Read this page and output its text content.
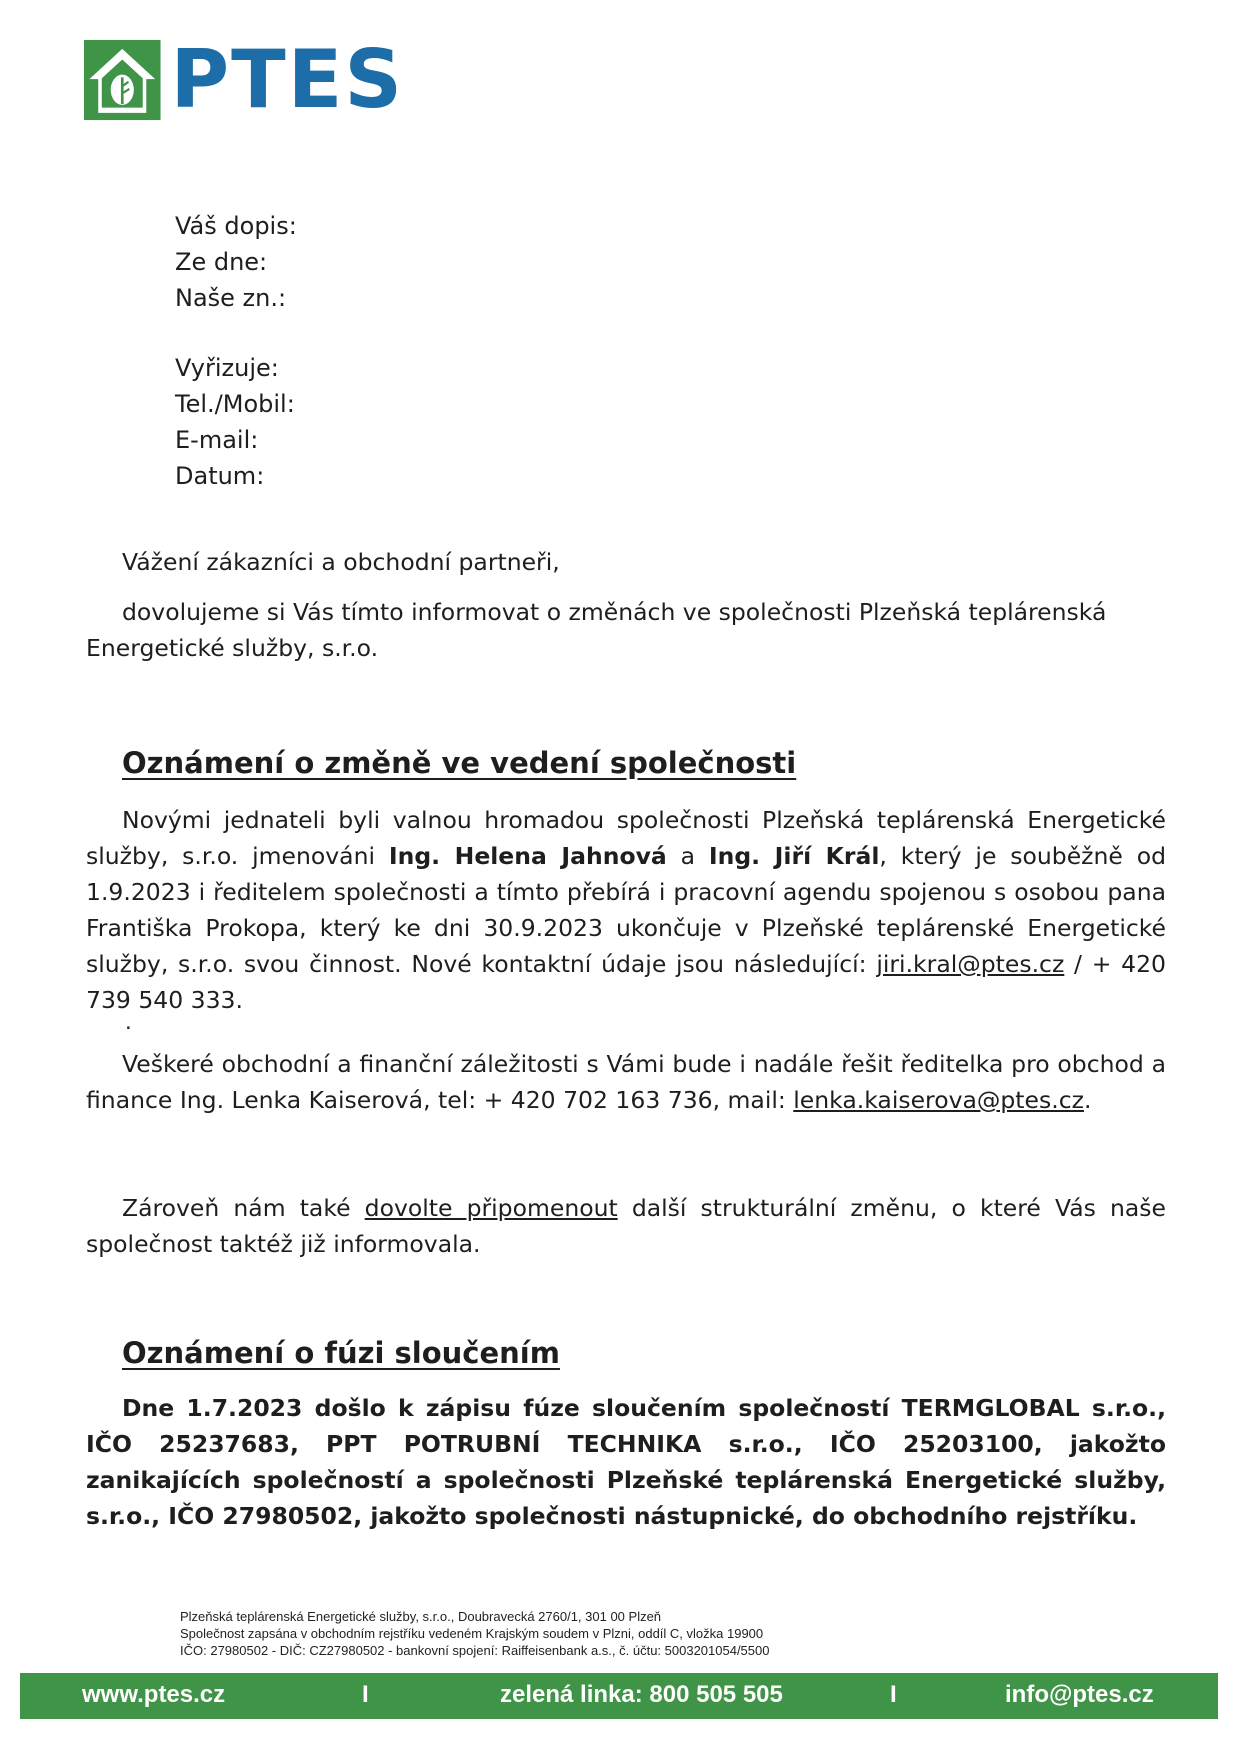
PTES
Váš dopis:
Ze dne:
Naše zn.:
Vyřizuje:
Tel./Mobil:
E-mail:
Datum:
Vážení zákazníci a obchodní partneři,
dovolujeme si Vás tímto informovat o změnách ve společnosti Plzeňská teplárenská Energetické služby, s.r.o.
Oznámení o změně ve vedení společnosti
Novými jednateli byli valnou hromadou společnosti Plzeňská teplárenská Energetické služby, s.r.o. jmenováni Ing. Helena Jahnová a Ing. Jiří Král, který je souběžně od 1.9.2023 i ředitelem společnosti a tímto přebírá i pracovní agendu spojenou s osobou pana Františka Prokopa, který ke dni 30.9.2023 ukončuje v Plzeňské teplárenské Energetické služby, s.r.o. svou činnost. Nové kontaktní údaje jsou následující: jiri.kral@ptes.cz / + 420 739 540 333.
.
Veškeré obchodní a finanční záležitosti s Vámi bude i nadále řešit ředitelka pro obchod a finance Ing. Lenka Kaiserová, tel: + 420 702 163 736, mail: lenka.kaiserova@ptes.cz.
Zároveň nám také dovolte připomenout další strukturální změnu, o které Vás naše společnost taktéž již informovala.
Oznámení o fúzi sloučením
Dne 1.7.2023 došlo k zápisu fúze sloučením společností TERMGLOBAL s.r.o., IČO 25237683, PPT POTRUBNÍ TECHNIKA s.r.o., IČO 25203100, jakožto zanikajících společností a společnosti Plzeňské teplárenská Energetické služby, s.r.o., IČO 27980502, jakožto společnosti nástupnické, do obchodního rejstříku.
Plzeňská teplárenská Energetické služby, s.r.o., Doubravecká 2760/1, 301 00 Plzeň
Společnost zapsána v obchodním rejstříku vedeném Krajským soudem v Plzni, oddíl C, vložka 19900
IČO: 27980502 - DIČ: CZ27980502 - bankovní spojení: Raiffeisenbank a.s., č. účtu: 5003201054/5500
www.ptes.cz	I	zelená linka: 800 505 505	I	info@ptes.cz
